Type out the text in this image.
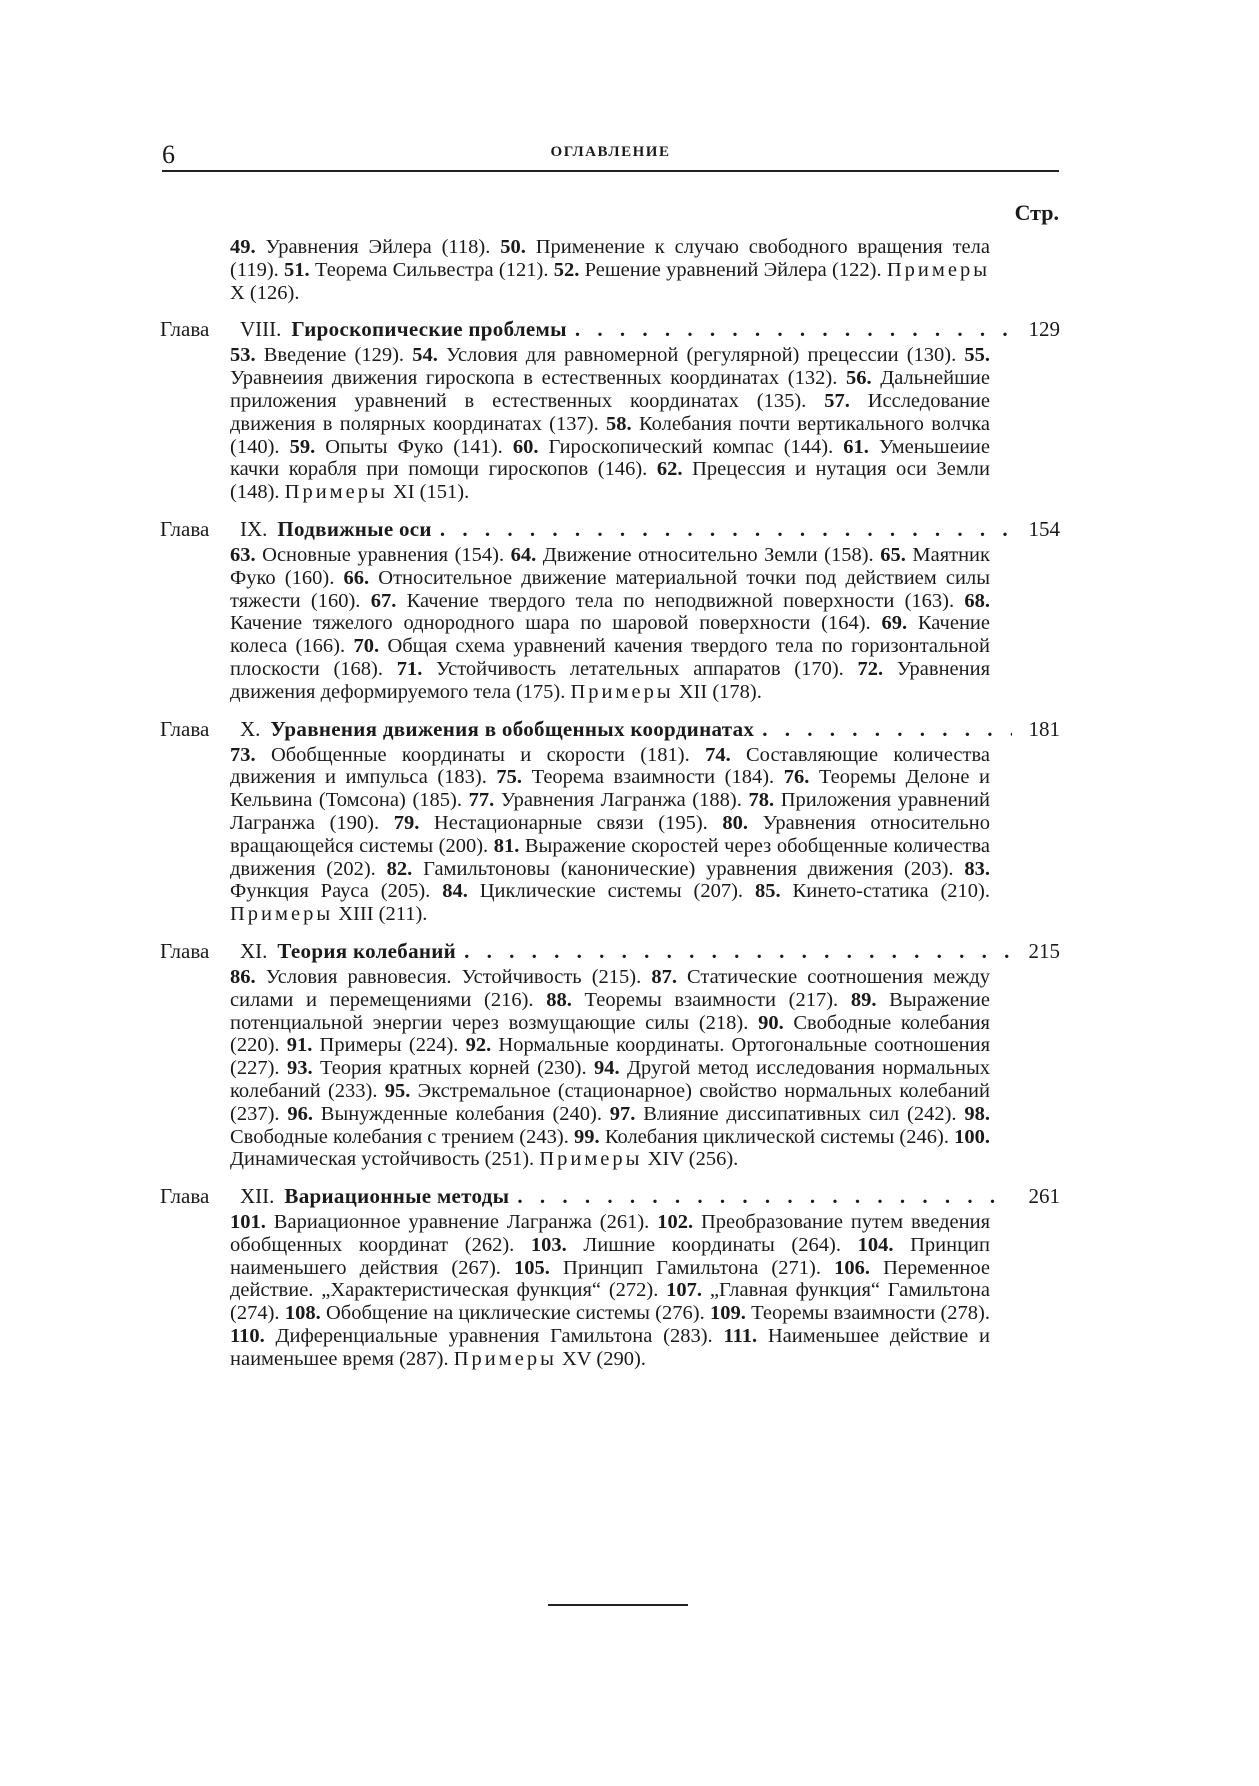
6	ОГЛАВЛЕНИЕ
Стр.
49. Уравнения Эйлера (118). 50. Применение к случаю свободного вращения тела (119). 51. Теорема Сильвестра (121). 52. Решение уравнений Эйлера (122). Примеры X (126).
Глава	VIII. Гироскопические проблемы . . .	129
53. Введение (129). 54. Условия для равномерной (регулярной) прецессии (130). 55. Уравнеиия движения гироскопа в естественных координатах (132). 56. Дальнейшие приложения уравнений в естественных координатах (135). 57. Исследование движения в полярных координатах (137). 58. Колебания почти вертикального волчка (140). 59. Опыты Фуко (141). 60. Гироскопический компас (144). 61. Уменьшеиие качки корабля при помощи гироскопов (146). 62. Прецессия и нутация оси Земли (148). Примеры XI (151).
Глава	IX. Подвижные оси . . .	154
63. Основные уравнения (154). 64. Движение относительно Земли (158). 65. Маятник Фуко (160). 66. Относительное движение материальной точки под действием силы тяжести (160). 67. Качение твердого тела по неподвижной поверхности (163). 68. Качение тяжелого однородного шара по шаровой поверхности (164). 69. Качение колеса (166). 70. Общая схема уравнений качения твердого тела по горизонтальной плоскости (168). 71. Устойчивость летательных аппаратов (170). 72. Уравнения движения деформируемого тела (175). Примеры XII (178).
Глава	X. Уравнения движения в обобщенных координатах . . .	181
73. Обобщенные координаты и скорости (181). 74. Составляющие количества движения и импульса (183). 75. Теорема взаимности (184). 76. Теоремы Делоне и Кельвина (Томсона) (185). 77. Уравнения Лагранжа (188). 78. Приложения уравнений Лагранжа (190). 79. Нестационарные связи (195). 80. Уравнения относительно вращающейся системы (200). 81. Выражение скоростей через обобщенные количества движения (202). 82. Гамильтоновы (канонические) уравнения движения (203). 83. Функция Рауса (205). 84. Циклические системы (207). 85. Кинето-статика (210). Примеры XIII (211).
Глава	XI. Теория колебаний . . .	215
86. Условия равновесия. Устойчивость (215). 87. Статические соотношения между силами и перемещениями (216). 88. Теоремы взаимности (217). 89. Выражение потенциальной энергии через возмущающие силы (218). 90. Свободные колебания (220). 91. Примеры (224). 92. Нормальные координаты. Ортогональные соотношения (227). 93. Теория кратных корней (230). 94. Другой метод исследования нормальных колебаний (233). 95. Экстремальное (стационарное) свойство нормальных колебаний (237). 96. Вынужденные колебания (240). 97. Влияние диссипативных сил (242). 98. Свободные колебания с трением (243). 99. Колебания циклической системы (246). 100. Динамическая устойчивость (251). Примеры XIV (256).
Глава	XII. Вариационные методы . . .	261
101. Вариационное уравнение Лагранжа (261). 102. Преобразование путем введения обобщенных координат (262). 103. Лишние координаты (264). 104. Принцип наименьшего действия (267). 105. Принцип Гамильтона (271). 106. Переменное действие. „Характеристическая функция“ (272). 107. „Главная функция“ Гамильтона (274). 108. Обобщение на циклические системы (276). 109. Теоремы взаимности (278). 110. Диференциальные уравнения Гамильтона (283). 111. Наименьшее действие и наименьшее время (287). Примеры XV (290).
